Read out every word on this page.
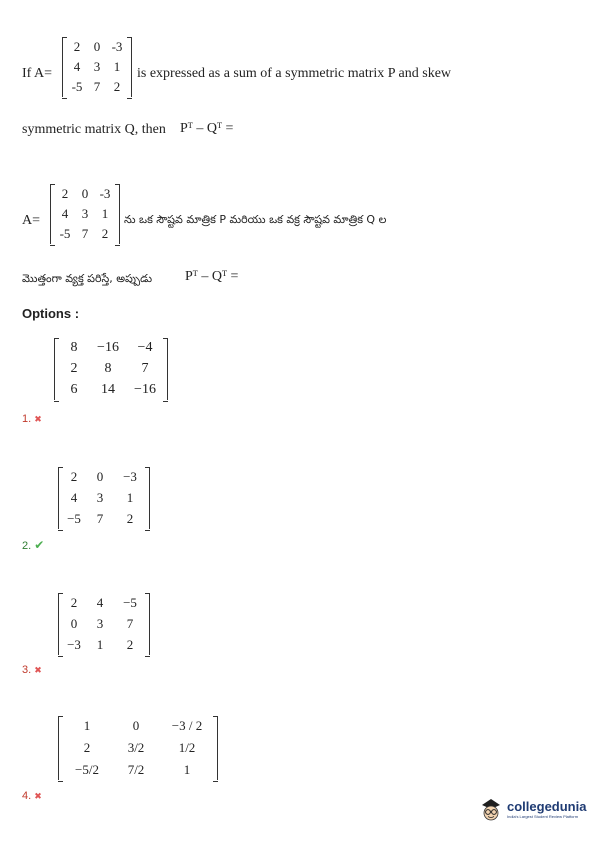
If A=
2	0 -3
4	3	1
-5 7	2
is expressed as a sum of a symmetric matrix P and skew
symmetric matrix Q, then Pᵀ – Qᵀ =
A=
2	0 -3
4	3	1
-5 7	2
ను ఒక సౌష్టవ మాత్రిక P మరియు ఒక వక్ర సౌష్టవ మాత్రిక Q ల
మొత్తంగా వ్యక్త పరిస్తే, అప్పుడు Pᵀ – Qᵀ =
Options :
8	−16	−4
2	8	7
6	14	−16
1. ✖
2	0	−3
4	3	1
−5	7	2
2. ✔
2	4	−5
0	3	7
−3	1	2
3. ✖
1	0	−3 / 2
2	3/2	1/2
−5/2	7/2	1
4. ✖
collegedunia
India's Largest Student Review Platform
